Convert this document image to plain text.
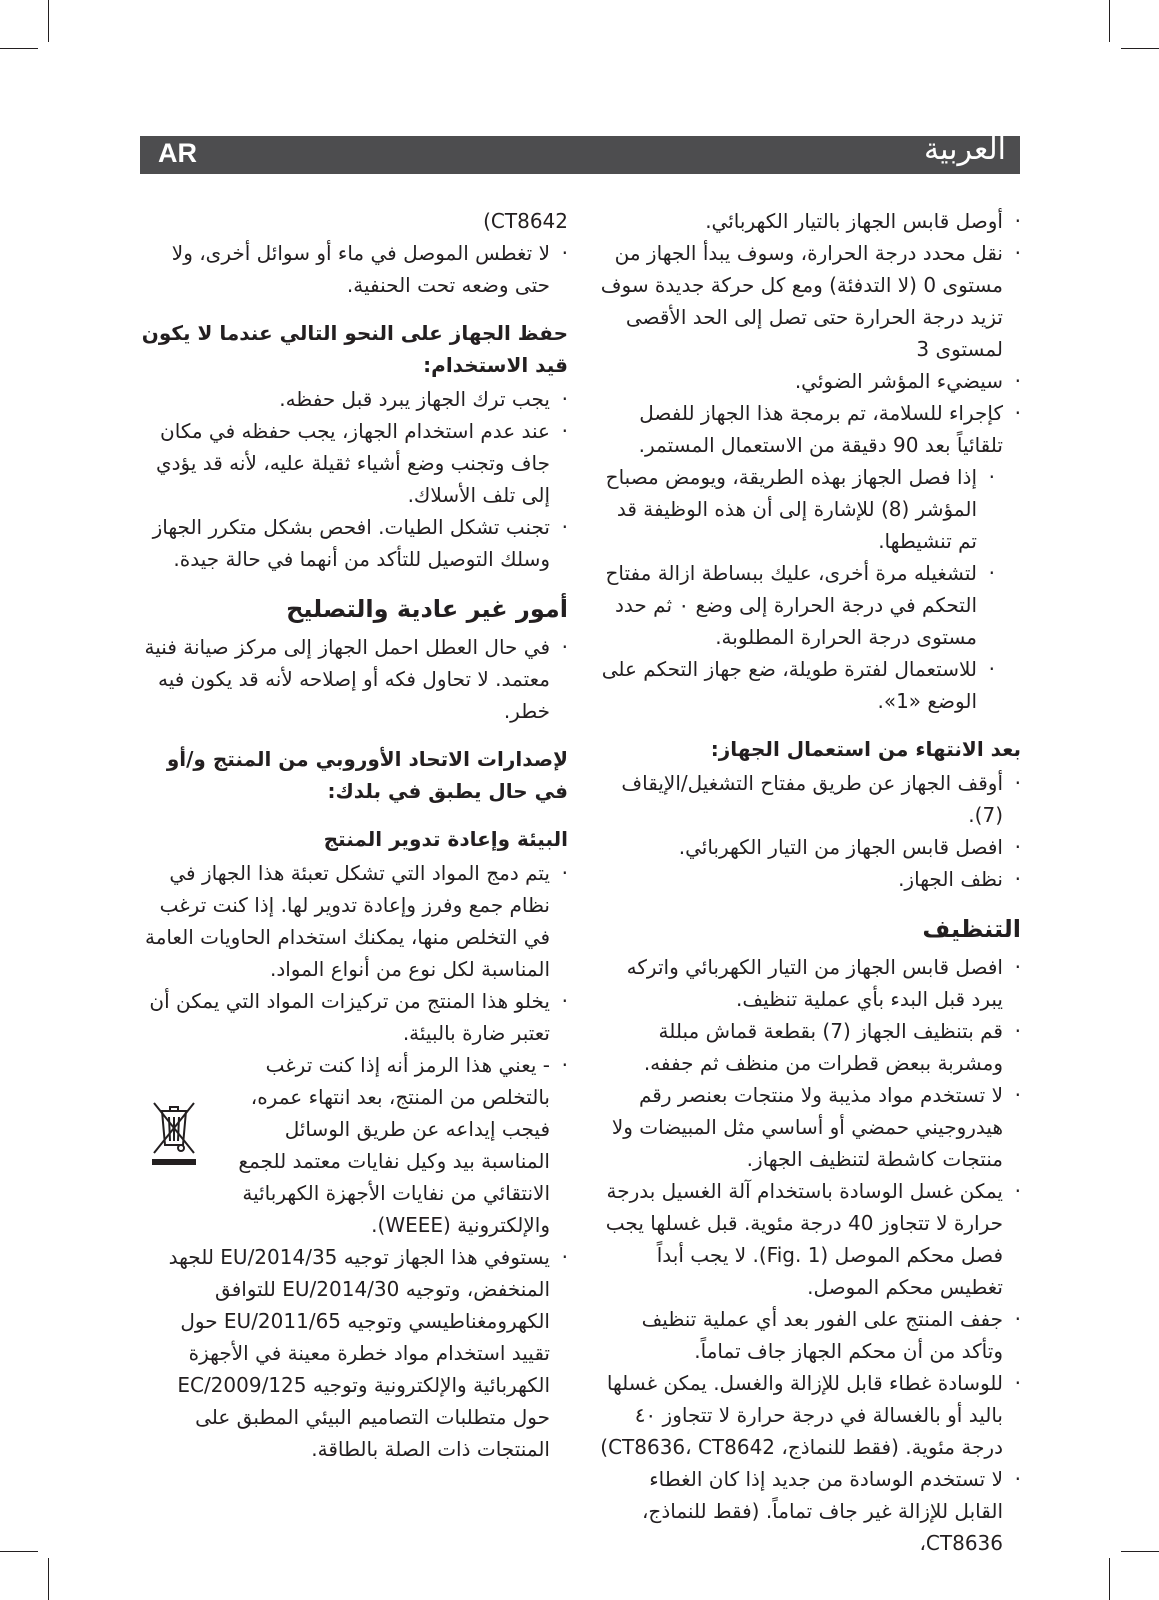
AR	العربية

· أوصل قابس الجهاز بالتيار الكهربائي.

· نقل محدد درجة الحرارة، وسوف يبدأ الجهاز من مستوى 0 (لا التدفئة) ومع كل حركة جديدة سوف تزيد درجة الحرارة حتى تصل إلى الحد الأقصى لمستوى 3

· سيضيء المؤشر الضوئي.

· كإجراء للسلامة، تم برمجة هذا الجهاز للفصل تلقائياً بعد 90 دقيقة من الاستعمال المستمر.

· إذا فصل الجهاز بهذه الطريقة، ويومض مصباح المؤشر (8) للإشارة إلى أن هذه الوظيفة قد تم تنشيطها.

· لتشغيله مرة أخرى، عليك ببساطة ازالة مفتاح التحكم في درجة الحرارة إلى وضع ٠ ثم حدد مستوى درجة الحرارة المطلوبة.

· للاستعمال لفترة طويلة، ضع جهاز التحكم على الوضع «1».

بعد الانتهاء من استعمال الجهاز:

· أوقف الجهاز عن طريق مفتاح التشغيل/الإيقاف (7).

· افصل قابس الجهاز من التيار الكهربائي.

· نظف الجهاز.

التنظيف

· افصل قابس الجهاز من التيار الكهربائي واتركه يبرد قبل البدء بأي عملية تنظيف.

· قم بتنظيف الجهاز (7) بقطعة قماش مبللة ومشربة ببعض قطرات من منظف ثم جففه.

· لا تستخدم مواد مذيبة ولا منتجات بعنصر رقم هيدروجيني حمضي أو أساسي مثل المبيضات ولا منتجات كاشطة لتنظيف الجهاز.

· يمكن غسل الوسادة باستخدام آلة الغسيل بدرجة حرارة لا تتجاوز 40 درجة مئوية. قبل غسلها يجب فصل محكم الموصل (Fig. 1). لا يجب أبداً تغطيس محكم الموصل.

· جفف المنتج على الفور بعد أي عملية تنظيف وتأكد من أن محكم الجهاز جاف تماماً.

· للوسادة غطاء قابل للإزالة والغسل. يمكن غسلها باليد أو بالغسالة في درجة حرارة لا تتجاوز ٤٠ درجة مئوية. (فقط للنماذج، CT8636، CT8642)

· لا تستخدم الوسادة من جديد إذا كان الغطاء القابل للإزالة غير جاف تماماً. (فقط للنماذج، CT8636،

CT8642)

· لا تغطس الموصل في ماء أو سوائل أخرى، ولا حتى وضعه تحت الحنفية.

حفظ الجهاز على النحو التالي عندما لا يكون قيد الاستخدام:

· يجب ترك الجهاز يبرد قبل حفظه.

· عند عدم استخدام الجهاز، يجب حفظه في مكان جاف وتجنب وضع أشياء ثقيلة عليه، لأنه قد يؤدي إلى تلف الأسلاك.

· تجنب تشكل الطيات. افحص بشكل متكرر الجهاز وسلك التوصيل للتأكد من أنهما في حالة جيدة.

أمور غير عادية والتصليح

· في حال العطل احمل الجهاز إلى مركز صيانة فنية معتمد. لا تحاول فكه أو إصلاحه لأنه قد يكون فيه خطر.

لإصدارات الاتحاد الأوروبي من المنتج و/أو في حال يطبق في بلدك:

البيئة وإعادة تدوير المنتج

· يتم دمج المواد التي تشكل تعبئة هذا الجهاز في نظام جمع وفرز وإعادة تدوير لها. إذا كنت ترغب في التخلص منها، يمكنك استخدام الحاويات العامة المناسبة لكل نوع من أنواع المواد.

· يخلو هذا المنتج من تركيزات المواد التي يمكن أن تعتبر ضارة بالبيئة.

· - يعني هذا الرمز أنه إذا كنت ترغب بالتخلص من المنتج، بعد انتهاء عمره، فيجب إيداعه عن طريق الوسائل المناسبة بيد وكيل نفايات معتمد للجمع الانتقائي من نفايات الأجهزة الكهربائية والإلكترونية (WEEE).

· يستوفي هذا الجهاز توجيه EU/2014/35 للجهد المنخفض، وتوجيه EU/2014/30 للتوافق الكهرومغناطيسي وتوجيه EU/2011/65 حول تقييد استخدام مواد خطرة معينة في الأجهزة الكهربائية والإلكترونية وتوجيه EC/2009/125 حول متطلبات التصاميم البيئي المطبق على المنتجات ذات الصلة بالطاقة.
